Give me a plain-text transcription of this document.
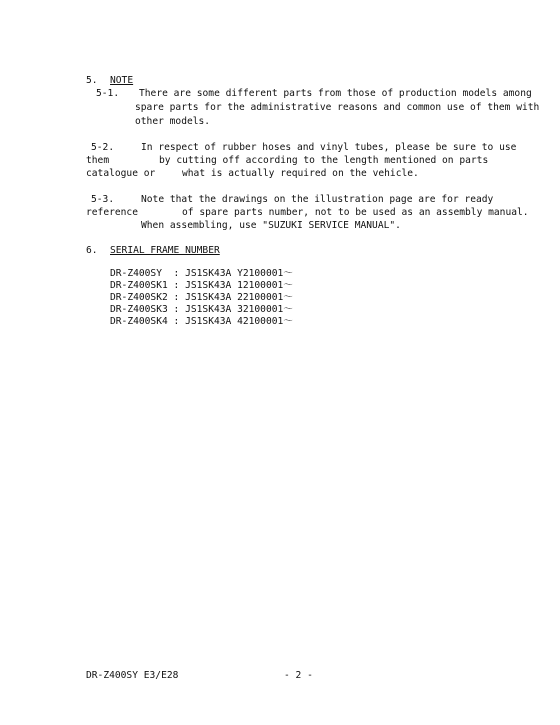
5. NOTE
5-1. There are some different parts from those of production models among
spare parts for the administrative reasons and common use of them with
other models.
5-2.	In respect of rubber hoses and vinyl tubes, please be sure to use
them	by cutting off according to the length mentioned on parts
catalogue or	what is actually required on the vehicle.
5-3.	Note that the drawings on the illustration page are for ready
reference	of spare parts number, not to be used as an assembly manual.
When assembling, use "SUZUKI SERVICE MANUAL".
6. SERIAL FRAME NUMBER
DR-Z400SY  : JS1SK43A Y2100001～
DR-Z400SK1 : JS1SK43A 12100001～
DR-Z400SK2 : JS1SK43A 22100001～
DR-Z400SK3 : JS1SK43A 32100001～
DR-Z400SK4 : JS1SK43A 42100001～
DR-Z400SY E3/E28	- 2 -
